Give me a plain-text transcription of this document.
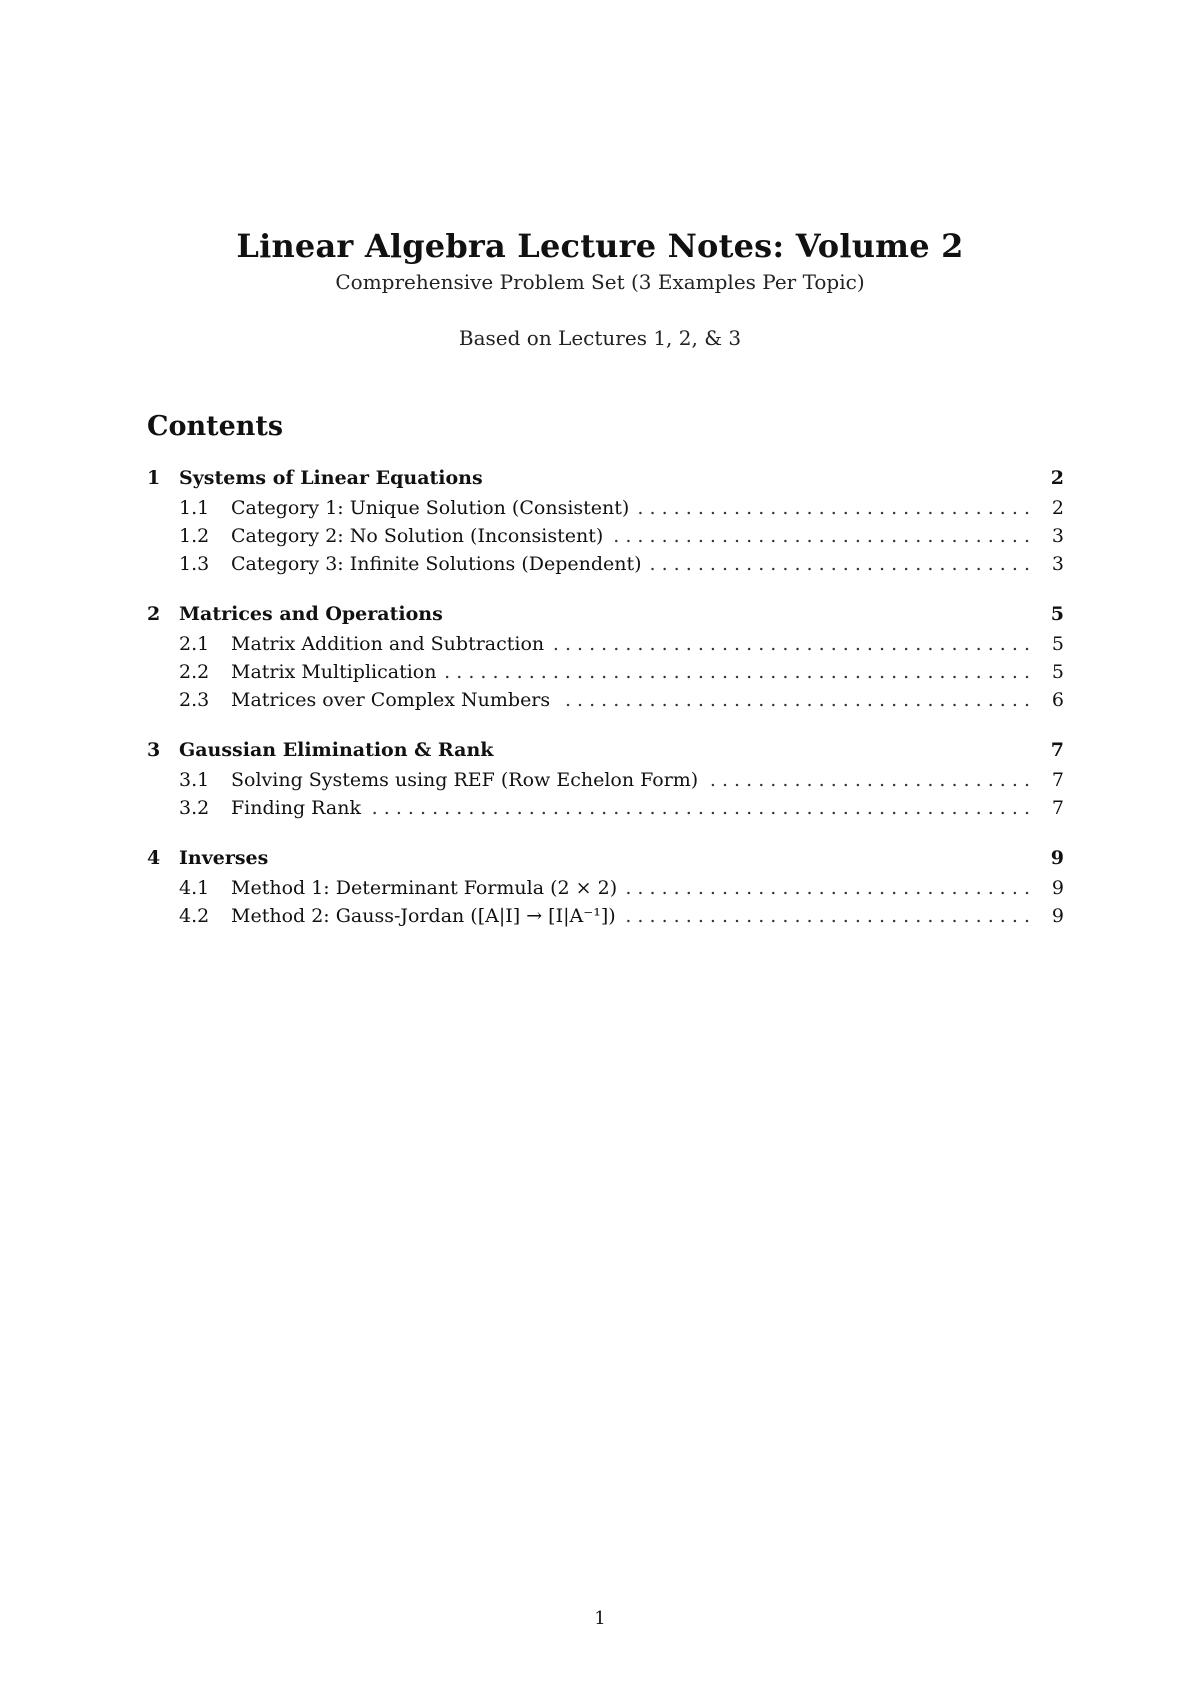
Linear Algebra Lecture Notes: Volume 2
Comprehensive Problem Set (3 Examples Per Topic)
Based on Lectures 1, 2, & 3
Contents
1 Systems of Linear Equations	2
1.1	Category 1: Unique Solution (Consistent) . . .	2
1.2	Category 2: No Solution (Inconsistent) . . .	3
1.3	Category 3: Infinite Solutions (Dependent) . . .	3
2 Matrices and Operations	5
2.1	Matrix Addition and Subtraction . . .	5
2.2	Matrix Multiplication . . .	5
2.3	Matrices over Complex Numbers . . .	6
3 Gaussian Elimination & Rank	7
3.1	Solving Systems using REF (Row Echelon Form) . . .	7
3.2	Finding Rank . . .	7
4 Inverses	9
4.1	Method 1: Determinant Formula (2 × 2) . . .	9
4.2	Method 2: Gauss-Jordan ([A|I] → [I|A⁻¹]) . . .	9
1
